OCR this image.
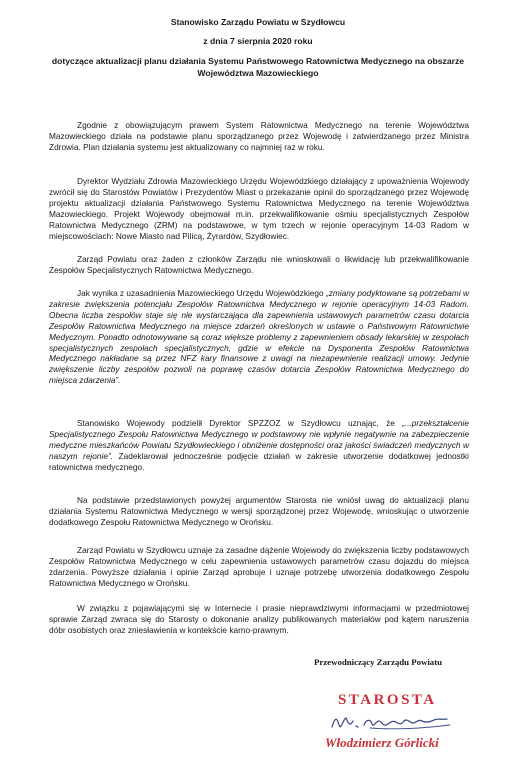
Stanowisko Zarządu Powiatu w Szydłowcu
z dnia 7 sierpnia 2020 roku
dotyczące aktualizacji planu działania Systemu Państwowego Ratownictwa Medycznego na obszarze
Województwa Mazowieckiego

Zgodnie z obowiązującym prawem System Ratownictwa Medycznego na terenie Województwa Mazowieckiego działa na podstawie planu sporządzanego przez Wojewodę i zatwierdzanego przez Ministra Zdrowia. Plan działania systemu jest aktualizowany co najmniej raz w roku.

Dyrektor Wydziału Zdrowia Mazowieckiego Urzędu Wojewódzkiego działający z upoważnienia Wojewody zwrócił się do Starostów Powiatów i Prezydentów Miast o przekazanie opinii do sporządzanego przez Wojewodę projektu aktualizacji działania Państwowego Systemu Ratownictwa Medycznego na terenie Województwa Mazowieckiego. Projekt Wojewody obejmował m.in. przekwalifikowanie ośmiu specjalistycznych Zespołów Ratownictwa Medycznego (ZRM) na podstawowe, w tym trzech w rejonie operacyjnym 14-03 Radom w miejscowościach: Nowe Miasto nad Pilicą, Żyrardów, Szydłowiec.

Zarząd Powiatu oraz żaden z członków Zarządu nie wnioskowali o likwidację lub przekwalifikowanie Zespołów Specjalistycznych Ratownictwa Medycznego.

Jak wynika z uzasadnienia Mazowieckiego Urzędu Wojewódzkiego „zmiany podyktowane są potrzebami w zakresie zwiększenia potencjału Zespołów Ratownictwa Medycznego w rejonie operacyjnym 14-03 Radom. Obecna liczba zespołów staje się nie wystarczająca dla zapewnienia ustawowych parametrów czasu dotarcia Zespołów Ratownictwa Medycznego na miejsce zdarzeń określonych w ustawie o Państwowym Ratownictwie Medycznym. Ponadto odnotowywane są coraz większe problemy z zapewnieniem obsady lekarskiej w zespołach specjalistycznych zespołach specjalistycznych, gdzie w efekcie na Dysponenta Zespołów Ratownictwa Medycznego nakładane są przez NFZ kary finansowe z uwagi na niezapewnienie realizacji umowy. Jedynie zwiększenie liczby zespołów pozwoli na poprawę czasów dotarcia Zespołów Ratownictwa Medycznego do miejsca zdarzenia”.

Stanowisko Wojewody podzielił Dyrektor SPZZOZ w Szydłowcu uznając, że „...przekształcenie Specjalistycznego Zespołu Ratownictwa Medycznego w podstawowy nie wpłynie negatywnie na zabezpieczenie medyczne mieszkańców Powiatu Szydłowieckiego i obniżenie dostępności oraz jakości świadczeń medycznych w naszym rejonie”. Zadeklarował jednocześnie podjęcie działań w zakresie utworzenie dodatkowej jednostki ratownictwa medycznego.

Na podstawie przedstawionych powyżej argumentów Starosta nie wniósł uwag do aktualizacji planu działania Systemu Ratownictwa Medycznego w wersji sporządzonej przez Wojewodę, wnioskując o utworzenie dodatkowego Zespołu Ratownictwa Medycznego w Orońsku.

Zarząd Powiatu w Szydłowcu uznaje za zasadne dążenie Wojewody do zwiększenia liczby podstawowych Zespołów Ratownictwa Medycznego w celu zapewnienia ustawowych parametrów czasu dojazdu do miejsca zdarzenia. Powyższe działania i opinie Zarząd aprobuje i uznaje potrzebę utworzenia dodatkowego Zespołu Ratownictwa Medycznego w Orońsku.

W związku z pojawiającymi się w Internecie i prasie nieprawdziwymi informacjami w przedmiotowej sprawie Zarząd zwraca się do Starosty o dokonanie analizy publikowanych materiałów pod kątem naruszenia dóbr osobistych oraz zniesławienia w kontekście karno-prawnym.

Przewodniczący Zarządu Powiatu
STAROSTA
Włodzimierz Górlicki
